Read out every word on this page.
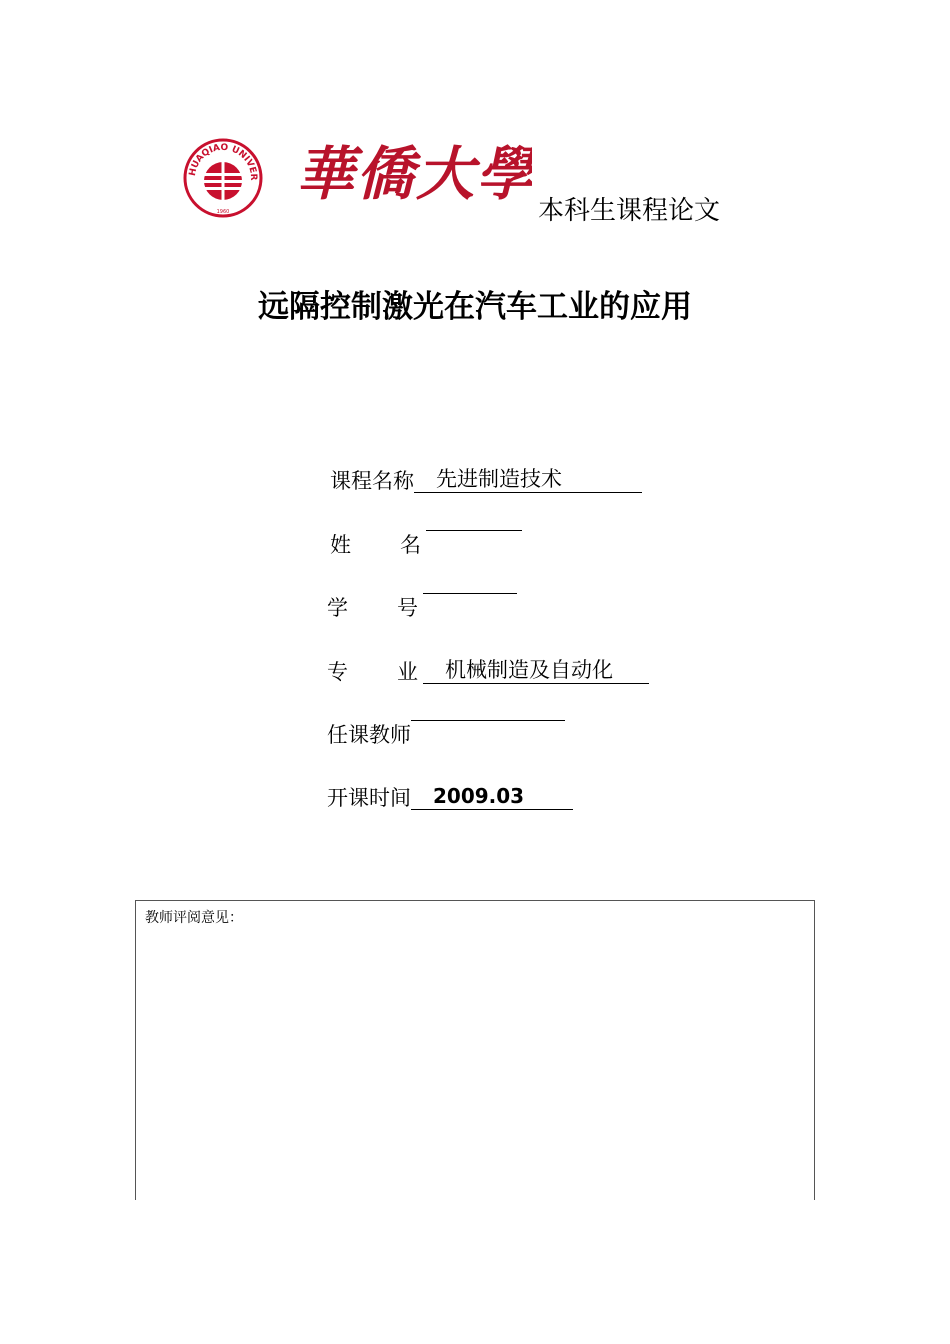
HUAQIAO UNIVER
1960
華僑大學
本科生课程论文
远隔控制激光在汽车工业的应用
课程名称 先进制造技术
姓 名
学 号
专 业 机械制造及自动化
任课教师
开课时间 2009.03
教师评阅意见：
